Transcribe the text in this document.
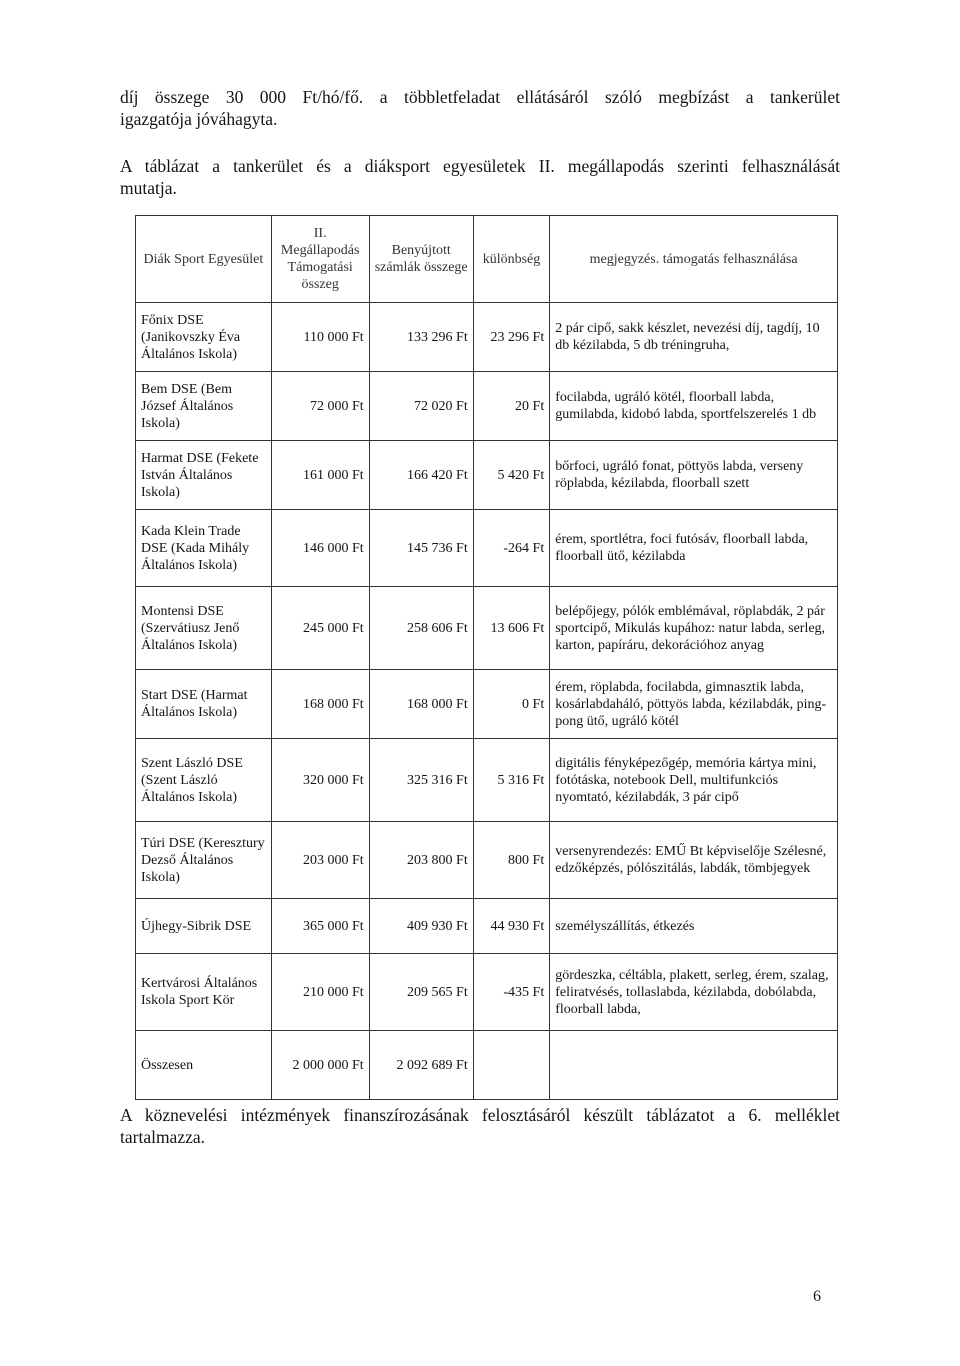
díj összege 30 000 Ft/hó/fő. a többletfeladat ellátásáról szóló megbízást a tankerület
igazgatója jóváhagyta.

A táblázat a tankerület és a diáksport egyesületek II. megállapodás szerinti felhasználását
mutatja.

Diák Sport Egyesület	II. Megállapodás Támogatási összeg	Benyújtott számlák összege	különbség	megjegyzés. támogatás felhasználása
Főnix DSE (Janikovszky Éva Általános Iskola)	110 000 Ft	133 296 Ft	23 296 Ft	2 pár cipő, sakk készlet, nevezési díj, tagdíj, 10 db kézilabda, 5 db tréningruha,
Bem DSE (Bem József Általános Iskola)	72 000 Ft	72 020 Ft	20 Ft	focilabda, ugráló kötél, floorball labda, gumilabda, kidobó labda, sportfelszerelés 1 db
Harmat DSE (Fekete István Általános Iskola)	161 000 Ft	166 420 Ft	5 420 Ft	bőrfoci, ugráló fonat, pöttyös labda, verseny röplabda, kézilabda, floorball szett
Kada Klein Trade DSE (Kada Mihály Általános Iskola)	146 000 Ft	145 736 Ft	-264 Ft	érem, sportlétra, foci futósáv, floorball labda, floorball ütő, kézilabda
Montensi DSE (Szervátiusz Jenő Általános Iskola)	245 000 Ft	258 606 Ft	13 606 Ft	belépőjegy, pólók emblémával, röplabdák, 2 pár sportcipő, Mikulás kupához: natur labda, serleg, karton, papíráru, dekorációhoz anyag
Start DSE (Harmat Általános Iskola)	168 000 Ft	168 000 Ft	0 Ft	érem, röplabda, focilabda, gimnasztik labda, kosárlabdaháló, pöttyös labda, kézilabdák, ping-pong ütő, ugráló kötél
Szent László DSE (Szent László Általános Iskola)	320 000 Ft	325 316 Ft	5 316 Ft	digitális fényképezőgép, memória kártya mini, fotótáska, notebook Dell, multifunkciós nyomtató, kézilabdák, 3 pár cipő
Túri DSE (Keresztury Dezső Általános Iskola)	203 000 Ft	203 800 Ft	800 Ft	versenyrendezés: EMŰ Bt képviselője Szélesné, edzőképzés, pólószitálás, labdák, tömbjegyek
Újhegy-Sibrik DSE	365 000 Ft	409 930 Ft	44 930 Ft	személyszállítás, étkezés
Kertvárosi Általános Iskola Sport Kör	210 000 Ft	209 565 Ft	-435 Ft	gördeszka, céltábla, plakett, serleg, érem, szalag, feliratvésés, tollaslabda, kézilabda, dobólabda, floorball labda,
Összesen	2 000 000 Ft	2 092 689 Ft		

A köznevelési intézmények finanszírozásának felosztásáról készült táblázatot a 6. melléklet
tartalmazza.

6
